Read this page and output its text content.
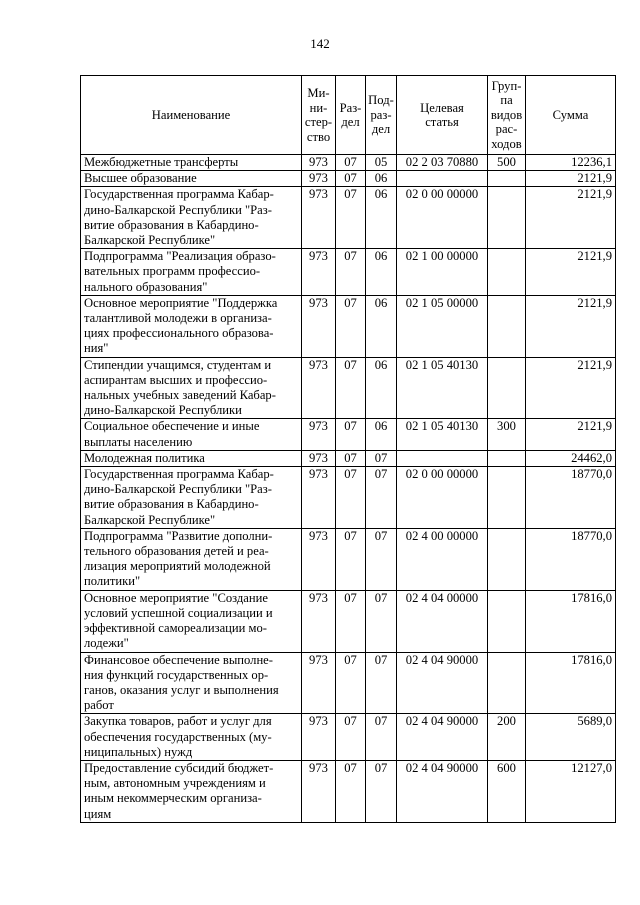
142
Наименование	Ми-
ни-
стер-
ство	Раз-
дел	Под-
раз-
дел	Целевая
статья	Груп-
па
видов
рас-
ходов	Сумма
Межбюджетные трансферты	973	07	05	02 2 03 70880	500	12236,1
Высшее образование	973	07	06			2121,9
Государственная программа Кабар-
дино-Балкарской Республики "Раз-
витие образования в Кабардино-
Балкарской Республике"	973	07	06	02 0 00 00000		2121,9
Подпрограмма "Реализация образо-
вательных программ профессио-
нального образования"	973	07	06	02 1 00 00000		2121,9
Основное мероприятие "Поддержка
талантливой молодежи в организа-
циях профессионального образова-
ния"	973	07	06	02 1 05 00000		2121,9
Стипендии учащимся, студентам и
аспирантам высших и профессио-
нальных учебных заведений Кабар-
дино-Балкарской Республики	973	07	06	02 1 05 40130		2121,9
Социальное обеспечение и иные
выплаты населению	973	07	06	02 1 05 40130	300	2121,9
Молодежная политика	973	07	07			24462,0
Государственная программа Кабар-
дино-Балкарской Республики "Раз-
витие образования в Кабардино-
Балкарской Республике"	973	07	07	02 0 00 00000		18770,0
Подпрограмма "Развитие дополни-
тельного образования детей и реа-
лизация мероприятий молодежной
политики"	973	07	07	02 4 00 00000		18770,0
Основное мероприятие "Создание
условий успешной социализации и
эффективной самореализации мо-
лодежи"	973	07	07	02 4 04 00000		17816,0
Финансовое обеспечение выполне-
ния функций государственных ор-
ганов, оказания услуг и выполнения
работ	973	07	07	02 4 04 90000		17816,0
Закупка товаров, работ и услуг для
обеспечения государственных (му-
ниципальных) нужд	973	07	07	02 4 04 90000	200	5689,0
Предоставление субсидий бюджет-
ным, автономным учреждениям и
иным некоммерческим организа-
циям	973	07	07	02 4 04 90000	600	12127,0
